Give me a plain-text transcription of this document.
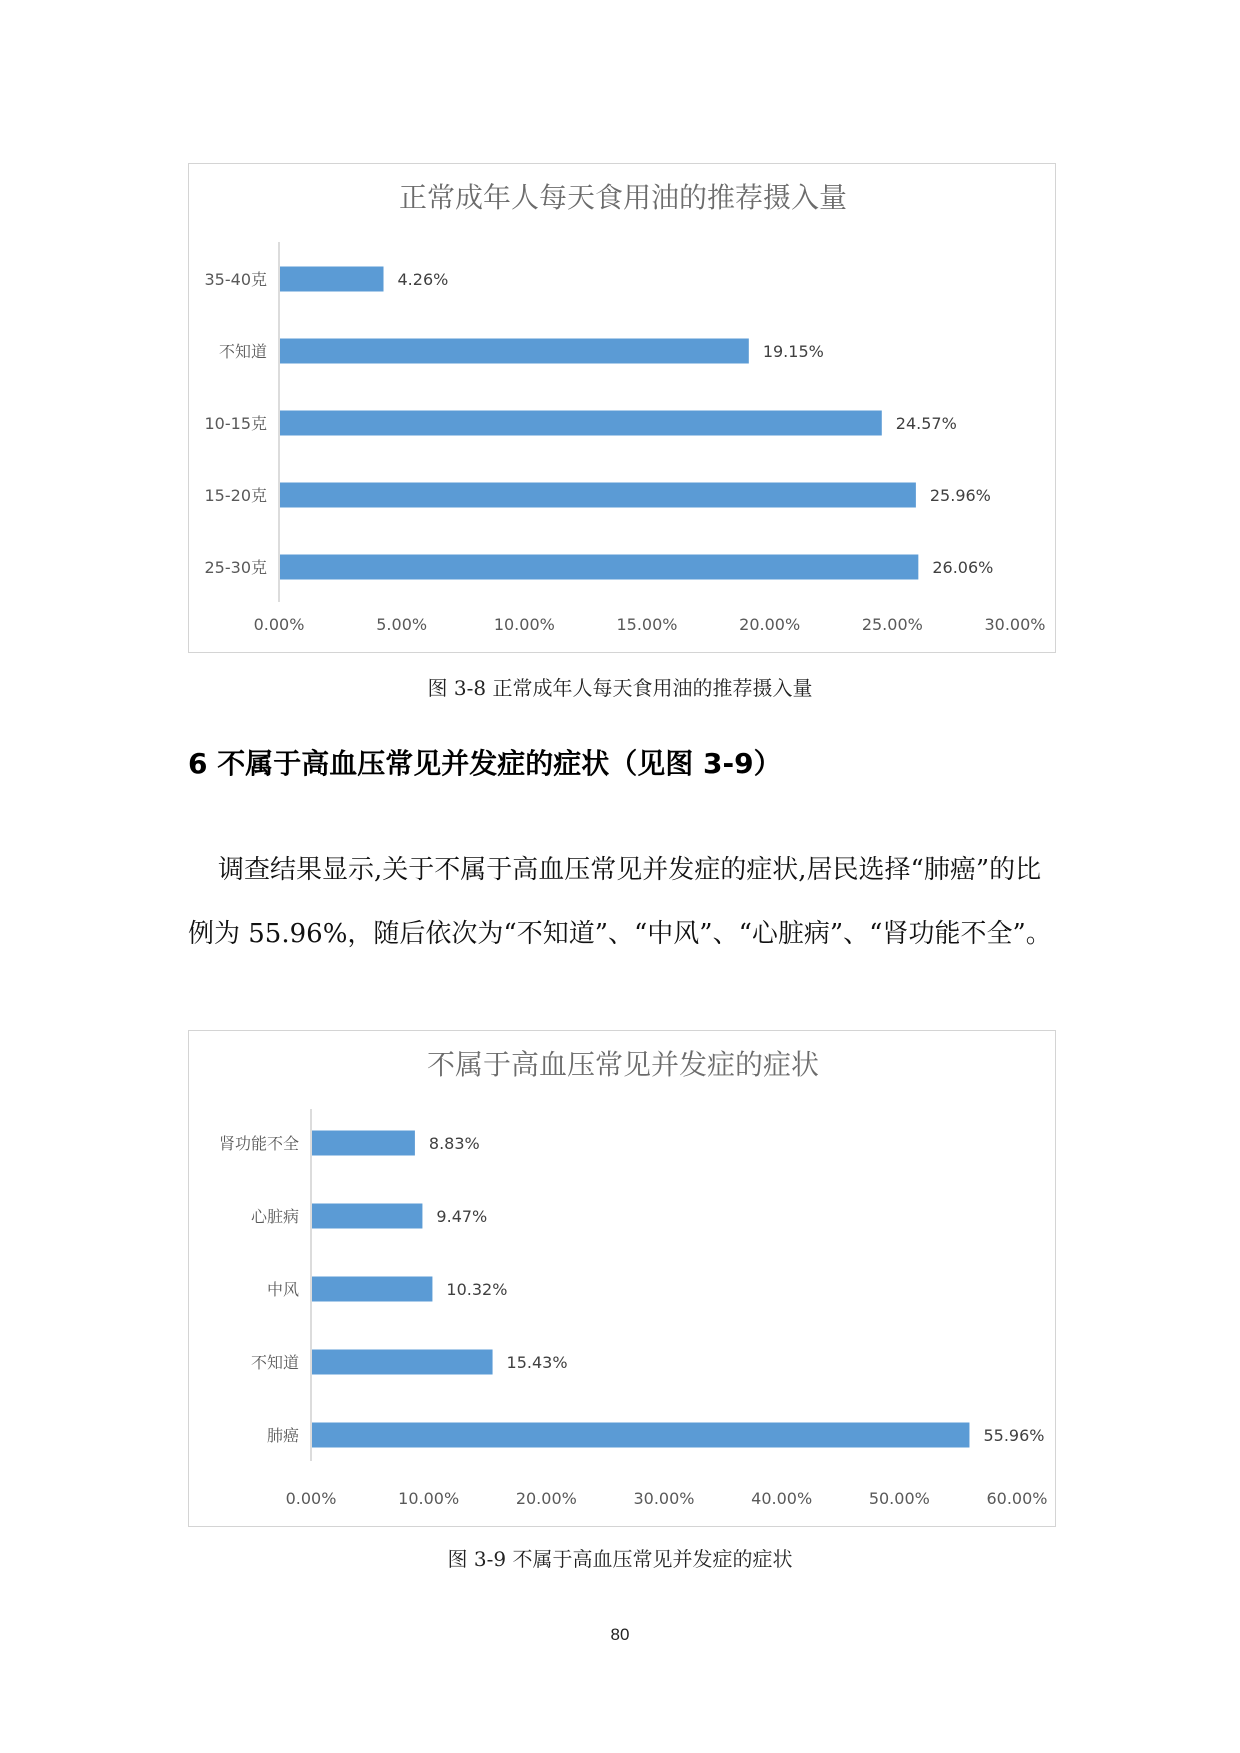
正常成年人每天食用油的推荐摄入量
35-40克	4.26%
不知道	19.15%
10-15克	24.57%
15-20克	25.96%
25-30克	26.06%
0.00%	5.00%	10.00%	15.00%	20.00%	25.00%	30.00%
图 3-8 正常成年人每天食用油的推荐摄入量
6 不属于高血压常见并发症的症状（见图 3-9）

调查结果显示,关于不属于高血压常见并发症的症状,居民选择“肺癌”的比例为 55.96%，随后依次为“不知道”、“中风”、“心脏病”、“肾功能不全”。

不属于高血压常见并发症的症状
肾功能不全	8.83%
心脏病	9.47%
中风	10.32%
不知道	15.43%
肺癌	55.96%
0.00%	10.00%	20.00%	30.00%	40.00%	50.00%	60.00%
图 3-9 不属于高血压常见并发症的症状
80
